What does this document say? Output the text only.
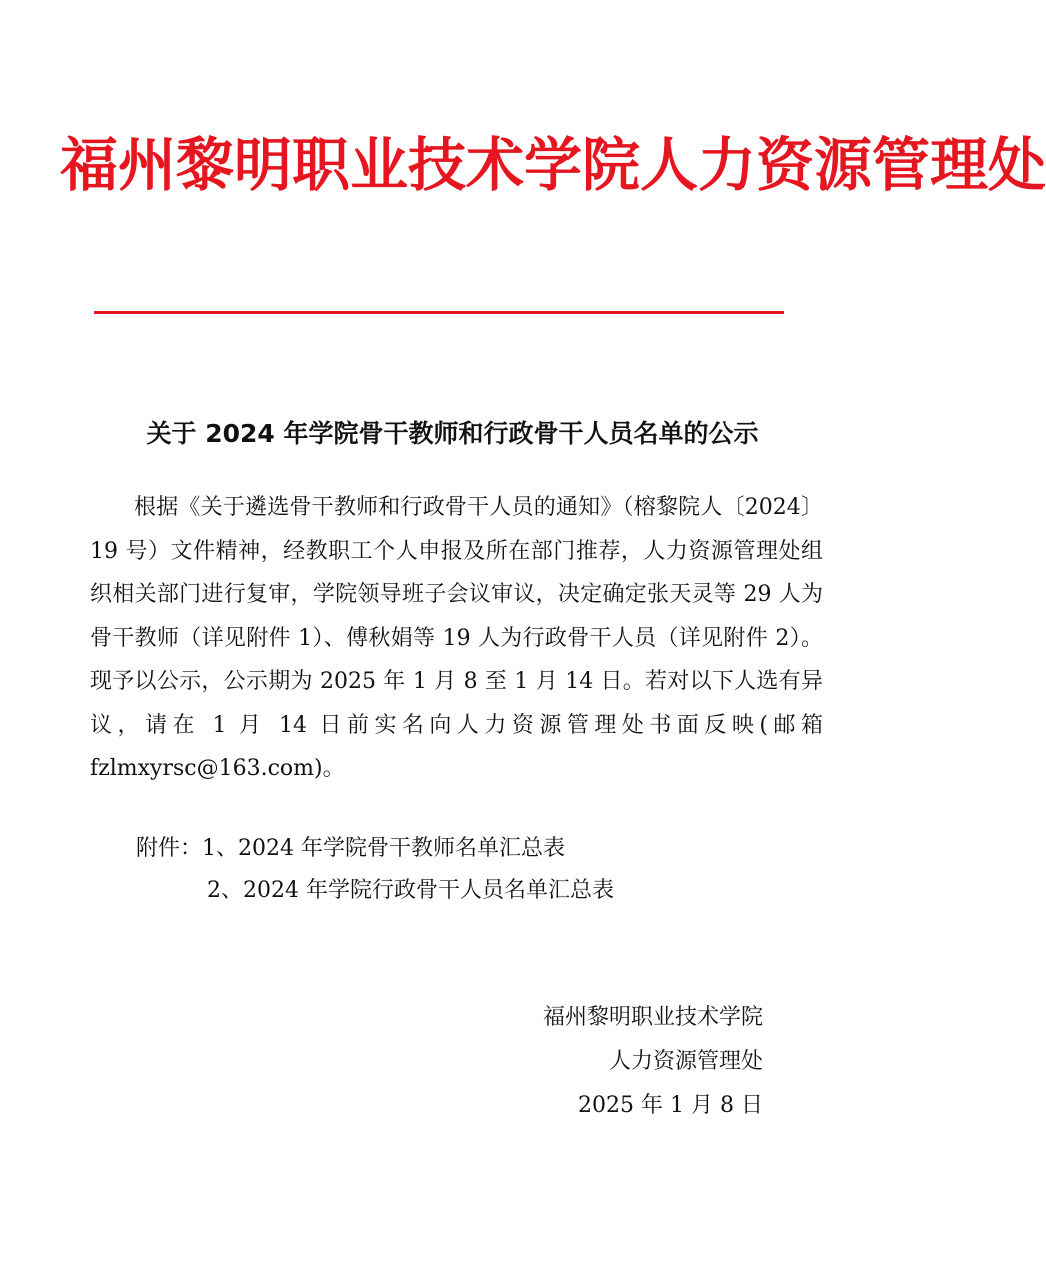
福州黎明职业技术学院人力资源管理处
关于 2024 年学院骨干教师和行政骨干人员名单的公示

根据《关于遴选骨干教师和行政骨干人员的通知》（榕黎院人〔2024〕19 号）文件精神，经教职工个人申报及所在部门推荐，人力资源管理处组织相关部门进行复审，学院领导班子会议审议，决定确定张天灵等 29 人为骨干教师（详见附件 1）、傅秋娟等 19 人为行政骨干人员（详见附件 2）。现予以公示，公示期为 2025 年 1 月 8 至 1 月 14 日。若对以下人选有异议，请在 1 月 14 日前实名向人力资源管理处书面反映(邮箱 fzlmxyrsc@163.com)。

附件：1、2024 年学院骨干教师名单汇总表
2、2024 年学院行政骨干人员名单汇总表
福州黎明职业技术学院
人力资源管理处
2025 年 1 月 8 日
